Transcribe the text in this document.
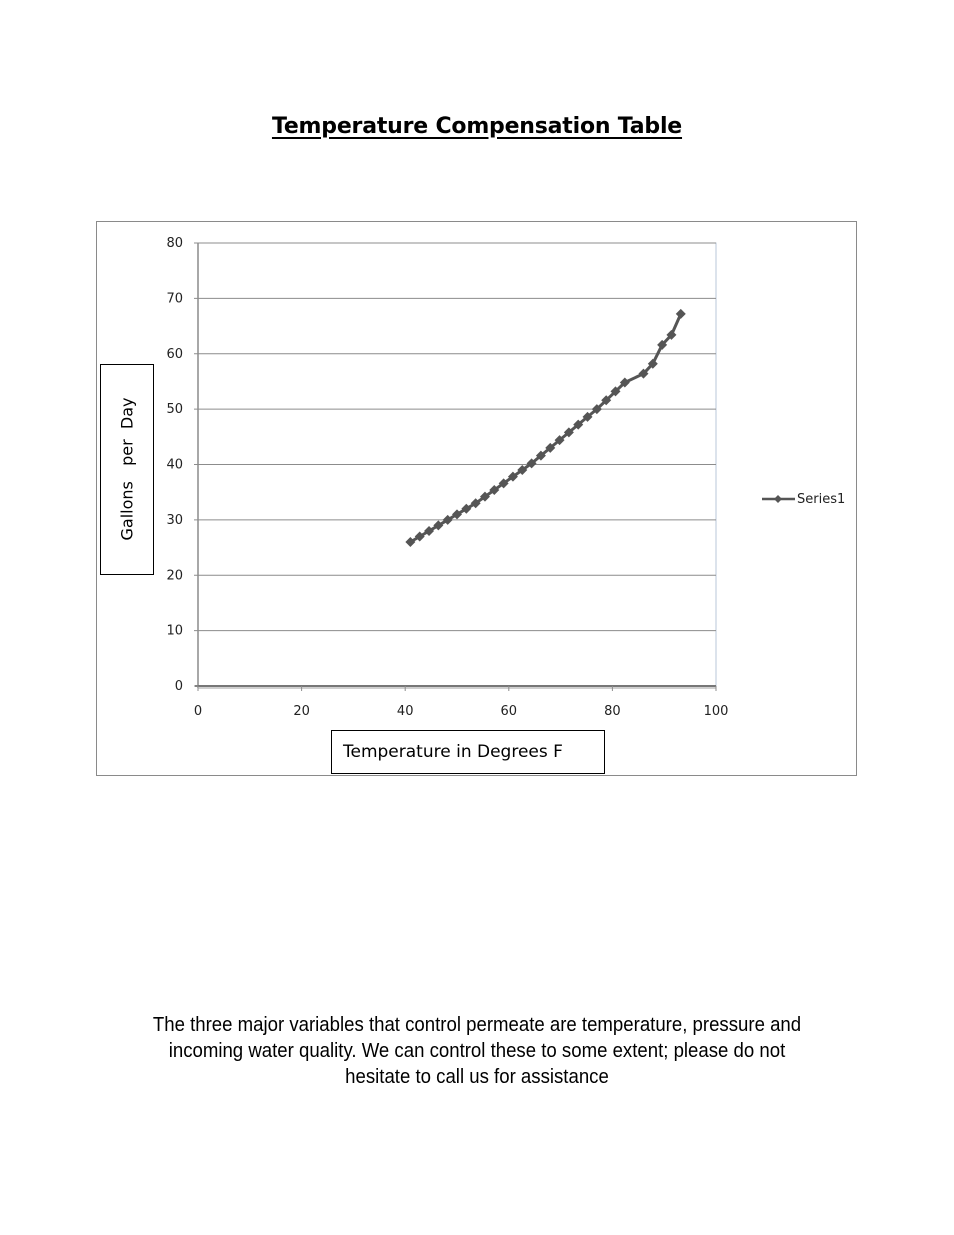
Temperature Compensation Table
0
10
20
30
40
50
60
70
80
0	20	40	60	80	100
Series1
Gallons   per  Day
Temperature in Degrees F
The three major variables that control permeate are temperature, pressure and incoming water quality. We can control these to some extent; please do not hesitate to call us for assistance
